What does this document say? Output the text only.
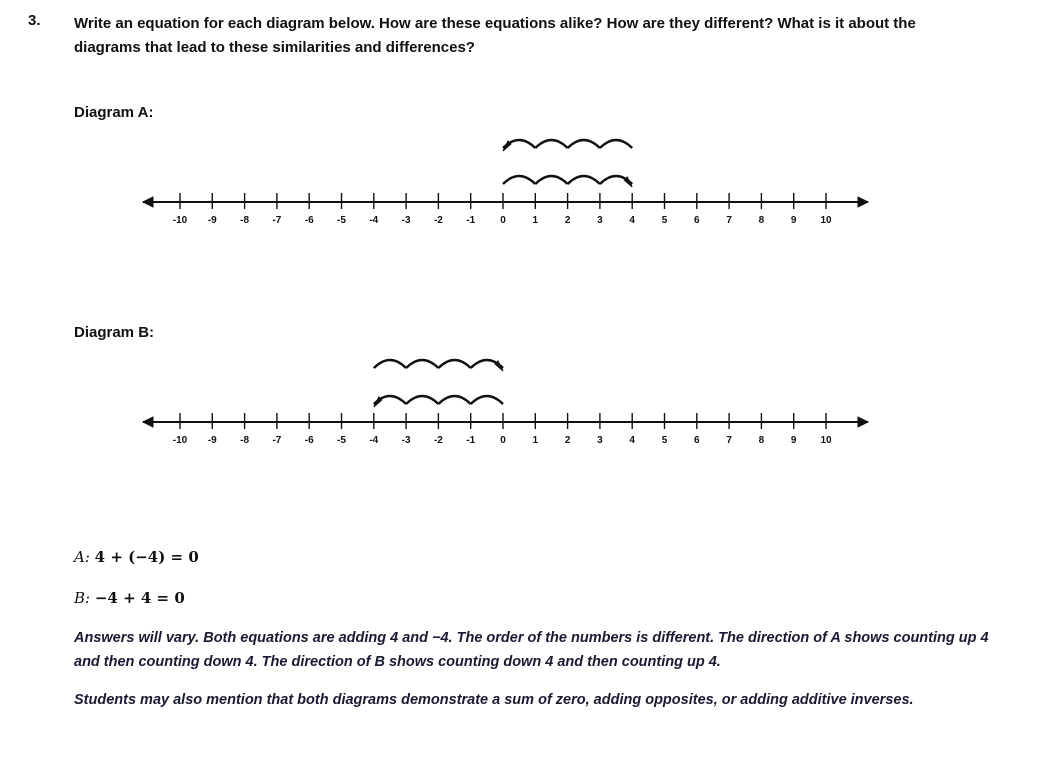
3. Write an equation for each diagram below. How are these equations alike? How are they different? What is it about the diagrams that lead to these similarities and differences?
Diagram A:
-10 -9 -8 -7 -6 -5 -4 -3 -2 -1	0	1	2	3	4	5	6	7	8	9 10
Diagram B:
-10 -9 -8 -7 -6 -5 -4 -3 -2 -1	0	1	2	3	4	5	6	7	8	9 10
A: 4 + (−4) = 0
B: −4 + 4 = 0
Answers will vary. Both equations are adding 4 and −4. The order of the numbers is different. The direction of A shows counting up 4 and then counting down 4. The direction of B shows counting down 4 and then counting up 4.
Students may also mention that both diagrams demonstrate a sum of zero, adding opposites, or adding additive inverses.
